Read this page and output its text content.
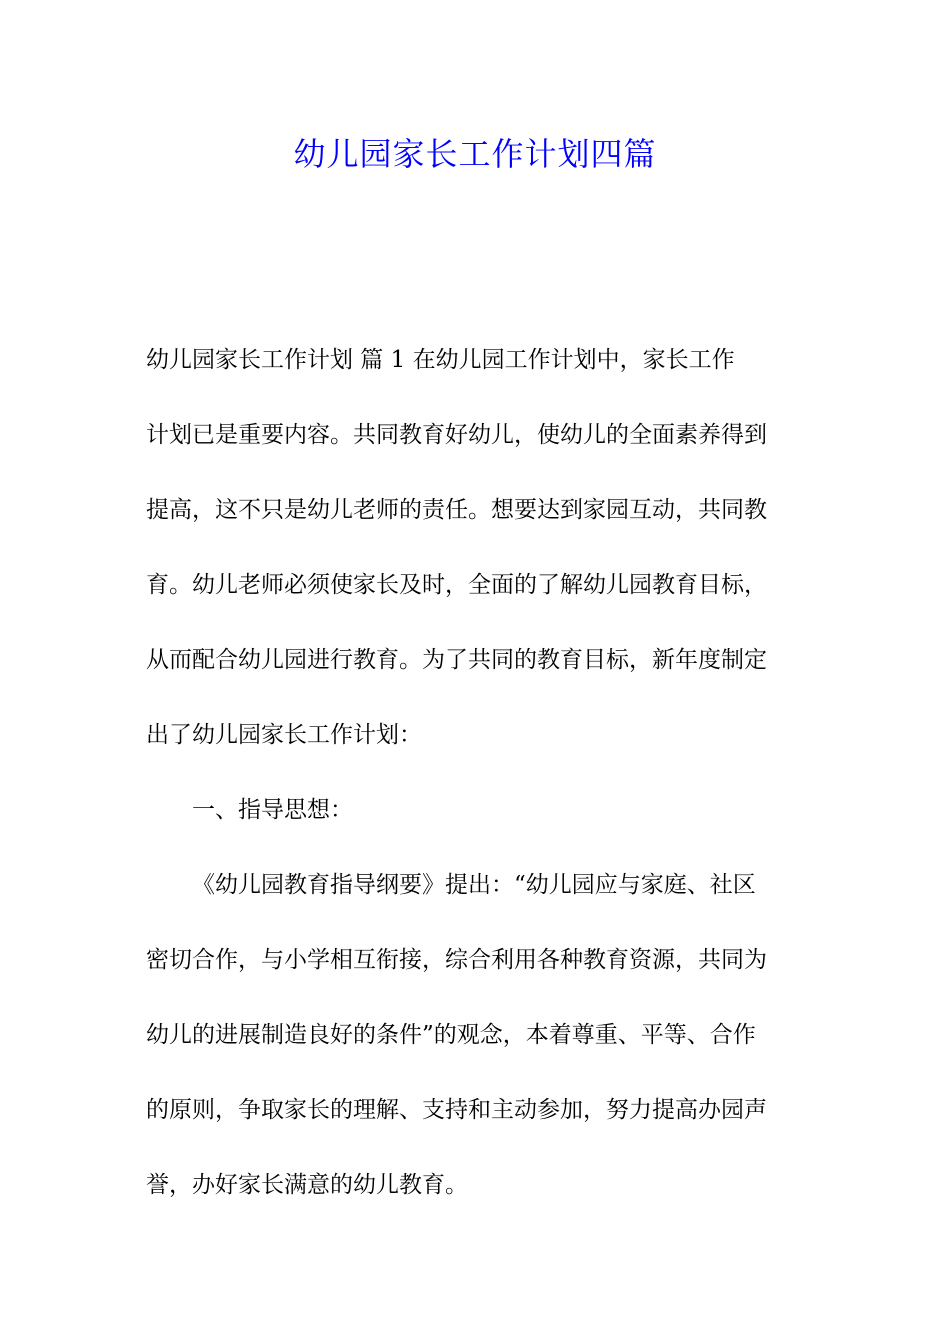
幼儿园家长工作计划四篇
幼儿园家长工作计划 篇 1 在幼儿园工作计划中，家长工作
计划已是重要内容。共同教育好幼儿，使幼儿的全面素养得到
提高，这不只是幼儿老师的责任。想要达到家园互动，共同教
育。幼儿老师必须使家长及时，全面的了解幼儿园教育目标，
从而配合幼儿园进行教育。为了共同的教育目标，新年度制定
出了幼儿园家长工作计划：
一、指导思想：
《幼儿园教育指导纲要》提出：“幼儿园应与家庭、社区
密切合作，与小学相互衔接，综合利用各种教育资源，共同为
幼儿的进展制造良好的条件”的观念，本着尊重、平等、合作
的原则，争取家长的理解、支持和主动参加，努力提高办园声
誉，办好家长满意的幼儿教育。
